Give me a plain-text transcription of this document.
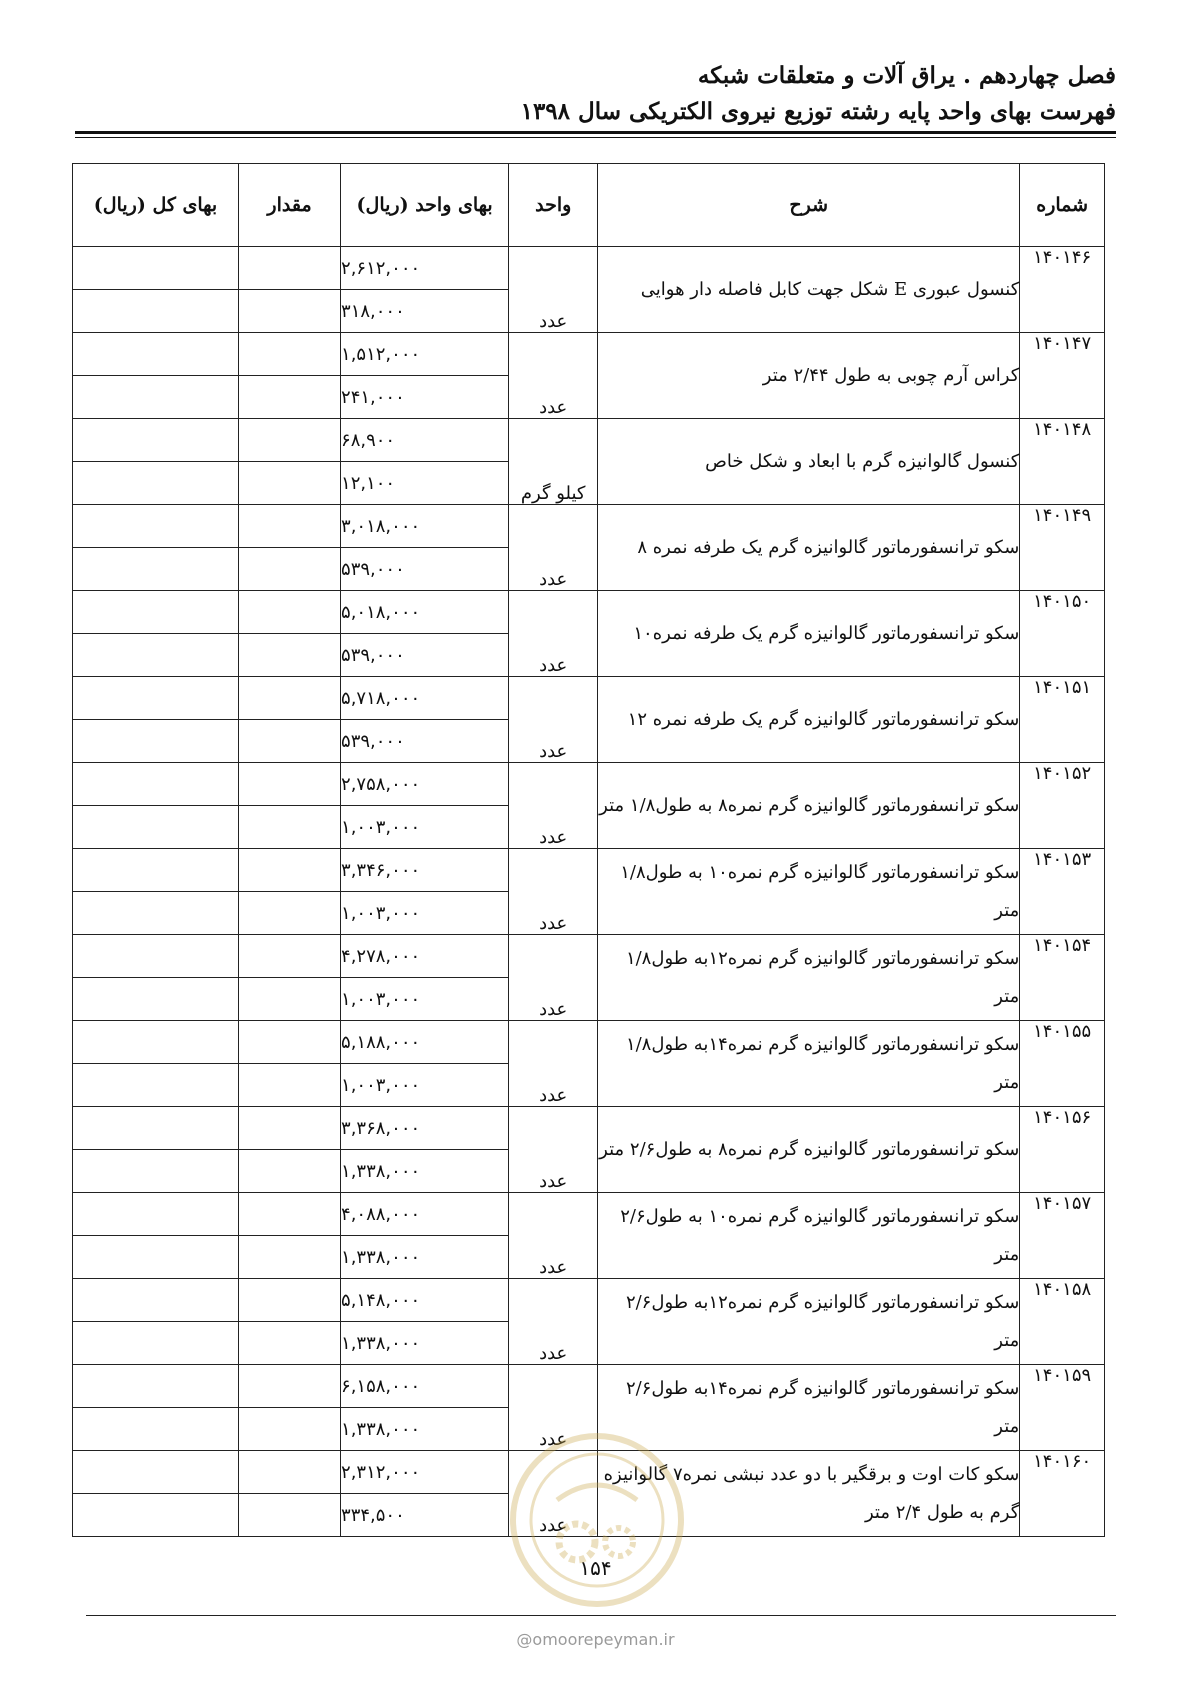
فصل چهاردهم . یراق آلات و متعلقات شبکه
فهرست بهای واحد پایه رشته توزیع نیروی الکتریکی سال ۱۳۹۸
بهای کل (ریال)	مقدار	بهای واحد (ریال)	واحد	شرح	شماره
		۲,۶۱۲,۰۰۰	عدد	کنسول عبوری E شکل جهت کابل فاصله دار هوایی	۱۴۰۱۴۶
		۳۱۸,۰۰۰			
		۱,۵۱۲,۰۰۰	عدد	کراس آرم چوبی به طول ۲/۴۴ متر	۱۴۰۱۴۷
		۲۴۱,۰۰۰			
		۶۸,۹۰۰	کیلو گرم	کنسول گالوانیزه گرم با ابعاد و شکل خاص	۱۴۰۱۴۸
		۱۲,۱۰۰			
		۳,۰۱۸,۰۰۰	عدد	سکو ترانسفورماتور گالوانیزه گرم یک طرفه نمره ۸	۱۴۰۱۴۹
		۵۳۹,۰۰۰			
		۵,۰۱۸,۰۰۰	عدد	سکو ترانسفورماتور گالوانیزه گرم یک طرفه نمره۱۰	۱۴۰۱۵۰
		۵۳۹,۰۰۰			
		۵,۷۱۸,۰۰۰	عدد	سکو ترانسفورماتور گالوانیزه گرم یک طرفه نمره ۱۲	۱۴۰۱۵۱
		۵۳۹,۰۰۰			
		۲,۷۵۸,۰۰۰	عدد	سکو ترانسفورماتور گالوانیزه گرم نمره۸ به طول۱/۸ متر	۱۴۰۱۵۲
		۱,۰۰۳,۰۰۰			
		۳,۳۴۶,۰۰۰	عدد	سکو ترانسفورماتور گالوانیزه گرم نمره۱۰ به طول۱/۸ متر	۱۴۰۱۵۳
		۱,۰۰۳,۰۰۰			
		۴,۲۷۸,۰۰۰	عدد	سکو ترانسفورماتور گالوانیزه گرم نمره۱۲به طول۱/۸ متر	۱۴۰۱۵۴
		۱,۰۰۳,۰۰۰			
		۵,۱۸۸,۰۰۰	عدد	سکو ترانسفورماتور گالوانیزه گرم نمره۱۴به طول۱/۸ متر	۱۴۰۱۵۵
		۱,۰۰۳,۰۰۰			
		۳,۳۶۸,۰۰۰	عدد	سکو ترانسفورماتور گالوانیزه گرم نمره۸ به طول۲/۶ متر	۱۴۰۱۵۶
		۱,۳۳۸,۰۰۰			
		۴,۰۸۸,۰۰۰	عدد	سکو ترانسفورماتور گالوانیزه گرم نمره۱۰ به طول۲/۶ متر	۱۴۰۱۵۷
		۱,۳۳۸,۰۰۰			
		۵,۱۴۸,۰۰۰	عدد	سکو ترانسفورماتور گالوانیزه گرم نمره۱۲به طول۲/۶ متر	۱۴۰۱۵۸
		۱,۳۳۸,۰۰۰			
		۶,۱۵۸,۰۰۰	عدد	سکو ترانسفورماتور گالوانیزه گرم نمره۱۴به طول۲/۶ متر	۱۴۰۱۵۹
		۱,۳۳۸,۰۰۰			
		۲,۳۱۲,۰۰۰	عدد	سکو کات اوت و برقگیر با دو عدد نبشی نمره۷ گالوانیزه گرم به طول ۲/۴ متر	۱۴۰۱۶۰
		۳۳۴,۵۰۰			
۱۵۴
@omoorepeyman.ir
